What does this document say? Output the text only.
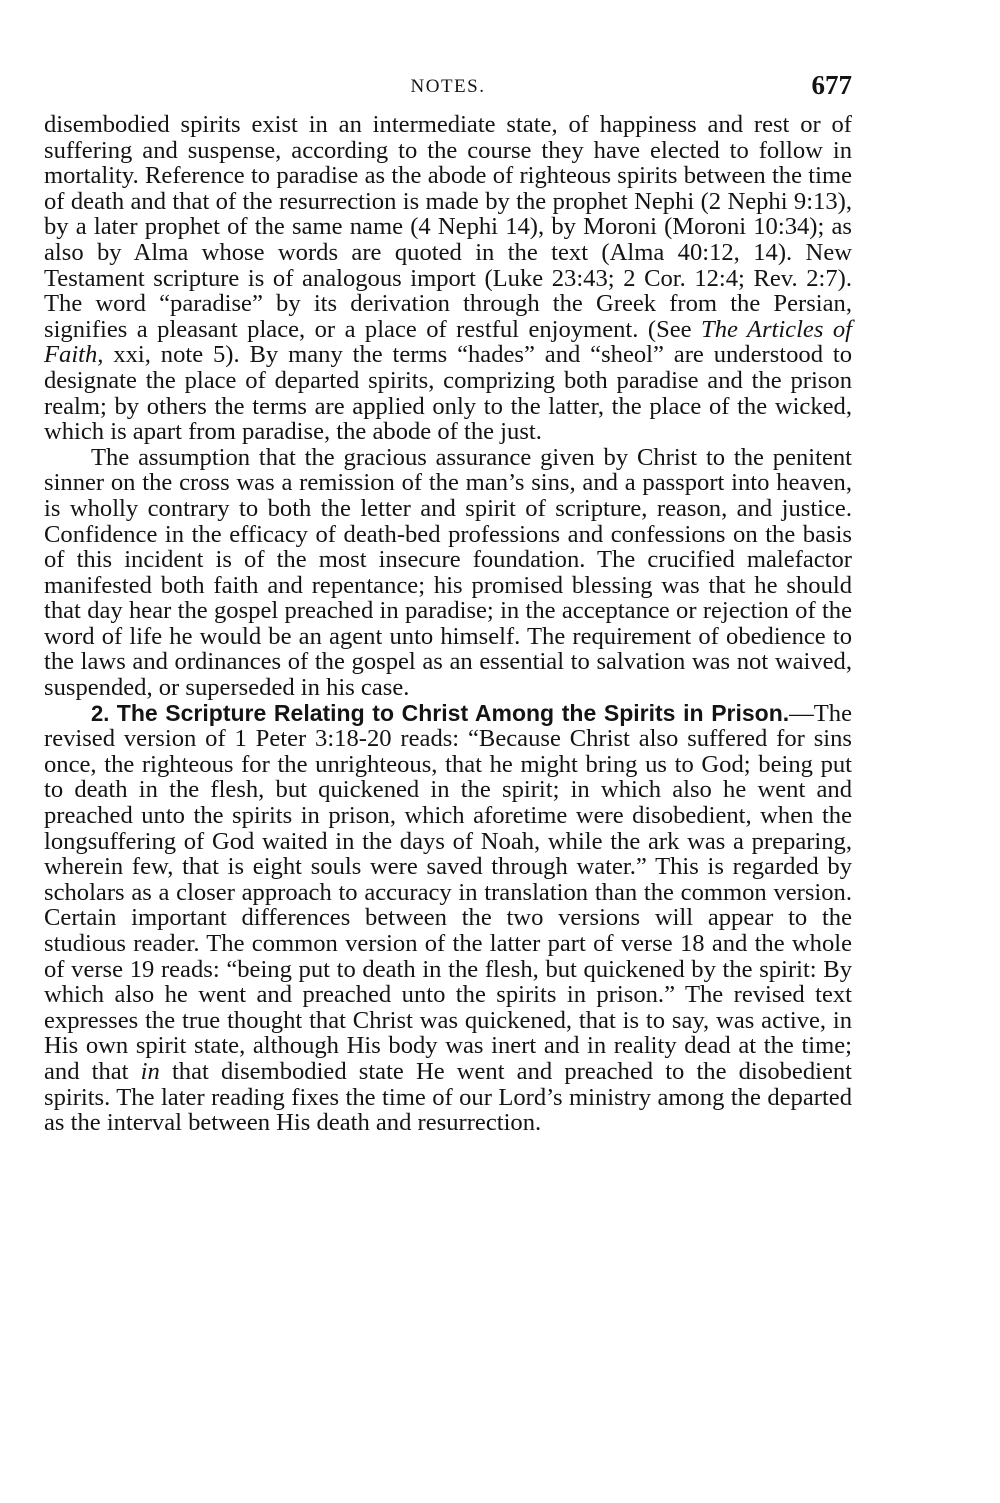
NOTES.	677

disembodied spirits exist in an intermediate state, of happiness and rest or of suffering and suspense, according to the course they have elected to follow in mortality. Reference to paradise as the abode of righteous spirits between the time of death and that of the resurrection is made by the prophet Nephi (2 Nephi 9:13), by a later prophet of the same name (4 Nephi 14), by Moroni (Moroni 10:34); as also by Alma whose words are quoted in the text (Alma 40:12, 14). New Testament scripture is of analogous import (Luke 23:43; 2 Cor. 12:4; Rev. 2:7). The word “paradise” by its derivation through the Greek from the Persian, signifies a pleasant place, or a place of restful enjoyment. (See The Articles of Faith, xxi, note 5). By many the terms “hades” and “sheol” are understood to designate the place of departed spirits, comprizing both paradise and the prison realm; by others the terms are applied only to the latter, the place of the wicked, which is apart from paradise, the abode of the just.

The assumption that the gracious assurance given by Christ to the penitent sinner on the cross was a remission of the man’s sins, and a passport into heaven, is wholly contrary to both the letter and spirit of scripture, reason, and justice. Confidence in the efficacy of death-bed professions and confessions on the basis of this incident is of the most insecure foundation. The crucified malefactor manifested both faith and repentance; his promised blessing was that he should that day hear the gospel preached in paradise; in the acceptance or rejection of the word of life he would be an agent unto himself. The requirement of obedience to the laws and ordinances of the gospel as an essential to salvation was not waived, suspended, or superseded in his case.

2. The Scripture Relating to Christ Among the Spirits in Prison.—The revised version of 1 Peter 3:18-20 reads: “Because Christ also suffered for sins once, the righteous for the unrighteous, that he might bring us to God; being put to death in the flesh, but quickened in the spirit; in which also he went and preached unto the spirits in prison, which aforetime were disobedient, when the longsuffering of God waited in the days of Noah, while the ark was a preparing, wherein few, that is eight souls were saved through water.” This is regarded by scholars as a closer approach to accuracy in translation than the common version. Certain important differences between the two versions will appear to the studious reader. The common version of the latter part of verse 18 and the whole of verse 19 reads: “being put to death in the flesh, but quickened by the spirit: By which also he went and preached unto the spirits in prison.” The revised text expresses the true thought that Christ was quickened, that is to say, was active, in His own spirit state, although His body was inert and in reality dead at the time; and that in that disembodied state He went and preached to the disobedient spirits. The later reading fixes the time of our Lord’s ministry among the departed as the interval between His death and resurrection.
